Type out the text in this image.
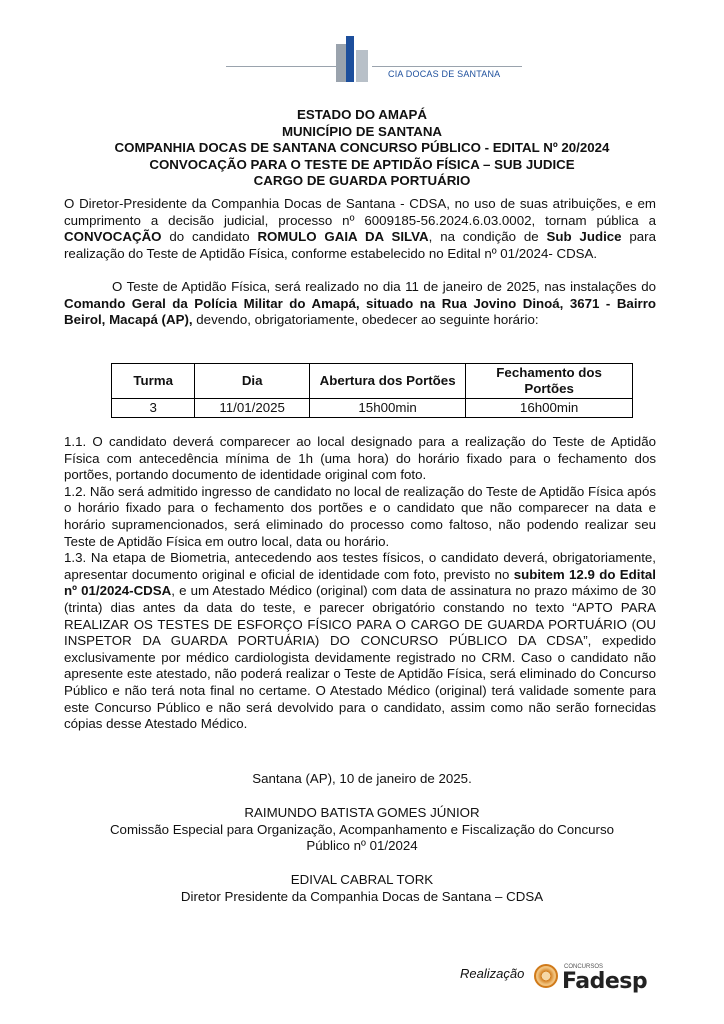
CIA DOCAS DE SANTANA
ESTADO DO AMAPÁ
MUNICÍPIO DE SANTANA
COMPANHIA DOCAS DE SANTANA CONCURSO PÚBLICO - EDITAL Nº 20/2024
CONVOCAÇÃO PARA O TESTE DE APTIDÃO FÍSICA – SUB JUDICE
CARGO DE GUARDA PORTUÁRIO

O Diretor-Presidente da Companhia Docas de Santana - CDSA, no uso de suas atribuições, e em cumprimento a decisão judicial, processo nº 6009185-56.2024.6.03.0002, tornam pública a CONVOCAÇÃO do candidato ROMULO GAIA DA SILVA, na condição de Sub Judice para realização do Teste de Aptidão Física, conforme estabelecido no Edital nº 01/2024- CDSA.

O Teste de Aptidão Física, será realizado no dia 11 de janeiro de 2025, nas instalações do Comando Geral da Polícia Militar do Amapá, situado na Rua Jovino Dinoá, 3671 - Bairro Beirol, Macapá (AP), devendo, obrigatoriamente, obedecer ao seguinte horário:

Turma	Dia	Abertura dos Portões	Fechamento dos Portões
3	11/01/2025	15h00min	16h00min

1.1. O candidato deverá comparecer ao local designado para a realização do Teste de Aptidão Física com antecedência mínima de 1h (uma hora) do horário fixado para o fechamento dos portões, portando documento de identidade original com foto.

1.2. Não será admitido ingresso de candidato no local de realização do Teste de Aptidão Física após o horário fixado para o fechamento dos portões e o candidato que não comparecer na data e horário supramencionados, será eliminado do processo como faltoso, não podendo realizar seu Teste de Aptidão Física em outro local, data ou horário.

1.3. Na etapa de Biometria, antecedendo aos testes físicos, o candidato deverá, obrigatoriamente, apresentar documento original e oficial de identidade com foto, previsto no subitem 12.9 do Edital nº 01/2024-CDSA, e um Atestado Médico (original) com data de assinatura no prazo máximo de 30 (trinta) dias antes da data do teste, e parecer obrigatório constando no texto “APTO PARA REALIZAR OS TESTES DE ESFORÇO FÍSICO PARA O CARGO DE GUARDA PORTUÁRIO (OU INSPETOR DA GUARDA PORTUÁRIA) DO CONCURSO PÚBLICO DA CDSA”, expedido exclusivamente por médico cardiologista devidamente registrado no CRM. Caso o candidato não apresente este atestado, não poderá realizar o Teste de Aptidão Física, será eliminado do Concurso Público e não terá nota final no certame. O Atestado Médico (original) terá validade somente para este Concurso Público e não será devolvido para o candidato, assim como não serão fornecidas cópias desse Atestado Médico.

Santana (AP), 10 de janeiro de 2025.

RAIMUNDO BATISTA GOMES JÚNIOR
Comissão Especial para Organização, Acompanhamento e Fiscalização do Concurso
Público nº 01/2024
EDIVAL CABRAL TORK
Diretor Presidente da Companhia Docas de Santana – CDSA
Realização	CONCURSOS
Fadesp
